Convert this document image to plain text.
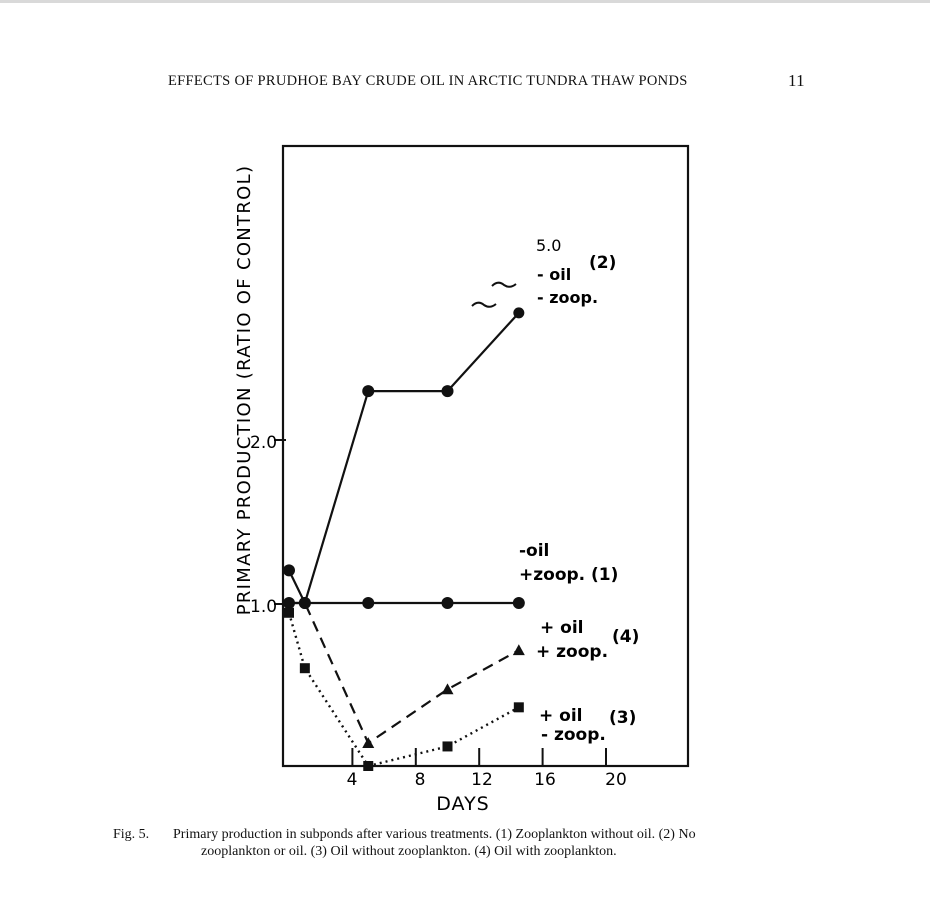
EFFECTS OF PRUDHOE BAY CRUDE OIL IN ARCTIC TUNDRA THAW PONDS	11
PRIMARY PRODUCTION (RATIO OF CONTROL)
DAYS
2.0
1.0
4	8	12 16	20
5.0
- oil
- zoop.
(2)
-oil
+zoop. (1)
+ oil
+ zoop.
(4)
+ oil
- zoop.
(3)
Fig. 5. Primary production in subponds after various treatments. (1) Zooplankton without oil. (2) No
zooplankton or oil. (3) Oil without zooplankton. (4) Oil with zooplankton.
